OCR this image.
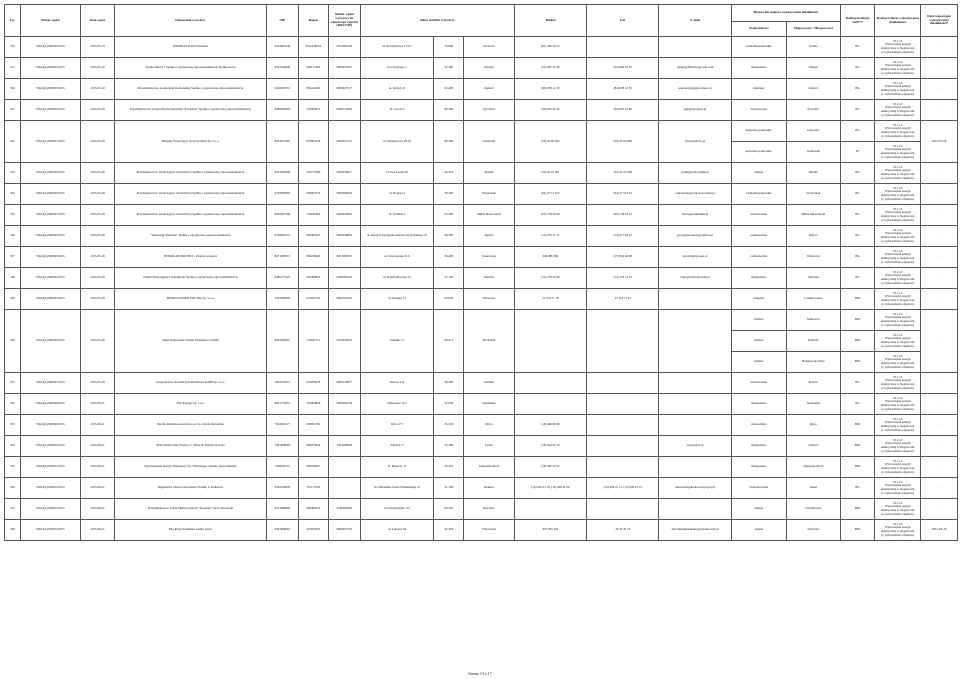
Lp.	Numer wpisu	Data wpisu	Oznaczenie wytwórcy	NIP	Regon	Numer wpisu wytwórcy do właściwego rejestru (KRS/NIP)	Adres siedziby wytwórcy			Telefon	Fax	E-mail	Miejsce lub miejsca wykonywania działalności		Rodzaj instalacji OZE**	Rodzaj i zakres wykonywanej działalności	Data rozpoczęcia wykonywania działalności*
													Województwo	Miejscowość / Miejscowości			
310	WKO(Z)/000030/2015	2015-05-13	ENERKAT Kamil Zarzelski	9522085436	0522438524	9522085436	ul. Przemysłowa 17A/5	70-800	Szczecin	(91) 469 20 03			zachodniopomorskie	Stobno	BG	33.11.Z
Wytwarzanie energii
elektrycznej w biogazowni
(z wyłączeniem odpadów)	-
311	WKO(Z)/000034/2015	2015-05-20	Spółka Dzierż 7 Spółka z ograniczoną odpowiedzialnością Spółka jawna	9591542828	260135462	0000459507	ul. Chrobrego 1	32-400	Olsztyn	(22) 867 45 39	(22) 842 42 56	spółka@firmydrogi.com.com	małopolskie	Olsztyn	BG	33.11.Z
Wytwarzanie energii
elektrycznej w biogazowni
(z wyłączeniem odpadów)	-
320	WKO(Z)/000035/2015	2015-05-20	Przedsiębiorstwo Gospodarki Komunalnej Spółka z ograniczoną odpowiedzialnością	9220005765	950242400	0000047517	ul. Kirzyn 43	22-400	Zamość	(84) 638 12 30	(84) 638 16 50	sekretariat@pgk.zamosc.pl	lubelskie	Zamość	BG	33.11.Z
Wytwarzanie energii
elektrycznej w biogazowni
(z wyłączeniem odpadów)	-
321	WKO(Z)/000036/2015	2015-05-28	Przedsiębiorstwo Gospodarki Komunalnej "Żyrardów" Spółka z ograniczoną odpowiedzialnością	8380009283	750006613	0000113850	ul. Czysta 5	96-300	Żyrardów	(46) 855 40 42	(46) 855 22 80	pgk@zyrardow.pl	mazowieckie	Żyrardów	BG	33.11.Z
Wytwarzanie energii
elektrycznej w biogazowni
(z wyłączeniem odpadów)	-
322	WKO(Z)/000037/2015	2015-05-28	Miejskie Wodociągi i Oczyszczalnia Sp. z o.o.	8762072495	870805639	0000051531	ul. Mickiewicza 20/30	86-300	Grudziądz	(56) 45 00 962	(56) 45 00 906	mwio@mwio.pl	kujawsko-pomorskie	Gdzowiec	BG	33.11.Z
Wytwarzanie energii
elektrycznej w biogazowni
(z wyłączeniem odpadów)	2015-07-08
													kujawsko-pomorskie	Grudziądz	PF	33.11.Z
Wytwarzanie energii
elektrycznej w biogazowni
(z wyłączeniem odpadów)	

323	WKO(Z)/000039/2015	2015-05-28	Przedsiębiorstwo Wodociągów i Kanalizacji Spółka z ograniczoną odpowiedzialnością	6421664990	276773380	0000034617	ul. Pod Lasem 62	44-210	Rybnik	(32) 42 23 401	(32) 42 23 438	pwik@pwik-rybnik.pl	śląskie	Rybnik	BG	33.11.Z
Wytwarzanie energii
elektrycznej w biogazowni
(z wyłączeniem odpadów)	-
324	WKO(Z)/000040/2015	2015-05-28	Przedsiębiorstwo Wodociągów i Kanalizacji Spółka z ograniczoną odpowiedzialnością	6730008083	330062374	0000098432	ul. Bogusa 3	78-400	Szczecinek	(94) 37 12 322	(94) 37 523 32	sekretariat@pwik.szczecinek.pl	zachodniopomorskie	Szczecinek	BG	33.11.Z
Wytwarzanie energii
elektrycznej w biogazowni
(z wyłączeniem odpadów)	-
325	WKO(Z)/000041/2015	2015-05-28	Przedsiębiorstwo Wodociągów i Kanalizacji Spółka z ograniczoną odpowiedzialnością	8220005789	710031864	0000042802	ul. Trembia 4	05-300	Mińsk Mazowiecki	(25) 758 58 60	(25) 758 67 52	biuro@pwikminsk.pl	mazowieckie	Mińsk Mazowiecki	BG	33.11.Z
Wytwarzanie energii
elektrycznej w biogazowni
(z wyłączeniem odpadów)	-
326	WKO(Z)/000042/2015	2015-05-28	"Wodociągi Rybickie" Spółka z ograniczoną odpowiedzialnością	8720004272	830409163	0000048895	ul. Księdza Kardynała Stefana Wyszyńskiego 25	39-200	Dębica	(14) 670 51 71	(14) 677 64 27	poczta@wodociagi.debica.pl	podkarpackie	Dębica	BG	33.11.Z
Wytwarzanie energii
elektrycznej w biogazowni
(z wyłączeniem odpadów)	-
327	WKO(Z)/000043/2015	2015-05-28	INTROLAB PROJEKT - Pandas Grzegorz	8471089372	000230620	8471089372	ul. Warszawska 51A	39-400	Tarnobrzeg	604 986 286	(15) 822 64 98	introlab@bg.onet.pl	podkarpackie	Wadowice	BG	33.11.Z
Wytwarzanie energii
elektrycznej w biogazowni
(z wyłączeniem odpadów)	-
328	WKO(Z)/000044/2015	2015-05-28	Zakład Wodociągów i Kanalizacji Spółka z ograniczoną odpowiedzialnością	9482177422	320480853	0000296116	ul. Radziwiłłowska 31	32-100	Skawina	(12) 276 22 89	(12) 276 12 76	biuro@zwik.skawina.pl	małopolskie	Skawina	BG	33.11.Z
Wytwarzanie energii
elektrycznej w biogazowni
(z wyłączeniem odpadów)	-
329	WKO(Z)/000045/2015	2015-05-28	MERKO POWER POLSKA Sp. z o.o.	5262686684	014947523	0000165047	ul. Pulaska 73	00-856	Warszawa	22 314 71 18	22 314 71 01		lubuskie	Lesusin Górne	BIO	33.11.Z
Wytwarzanie energii
elektrycznej w biogazowni
(z wyłączeniem odpadów)	-
330	WKO(Z)/000046/2015	2015-05-28	Maki Elektrownie Wodne Wożniakow-Chełki	8361606601	752041751	0522056953	Zabełkie 17	99-417	Boćnichm				łódzkie	Sułkowice	BIO	33.11.Z
Wytwarzanie energii
elektrycznej w biogazowni
(z wyłączeniem odpadów)	-
													łódzkie	Karnicin	BIO	33.11.Z
Wytwarzanie energii
elektrycznej w biogazowni
(z wyłączeniem odpadów)	

													łódzkie	Bolimowska Wieś	BIO	33.11.Z
Wytwarzanie energii
elektrycznej w biogazowni
(z wyłączeniem odpadów)	

331	WKO(Z)/000047/2015	2015-05-28	Gospodarstwo Produkcyjno-Handlowe RABP Sp. z o.o.	7961625021	672058278	0000129877	Prusów 11a	26-200	Jedlińsk				mazowieckie	Prusów	BG	33.11.Z
Wytwarzanie energii
elektrycznej w biogazowni
(z wyłączeniem odpadów)	-
332	WKO(Z)/000048/2015	2015-06-01	Zibo Energia Sp. z o.o.	6821776561	323600830	0000294736	Ożarowice 16 c	32-058	Skomielna				małopolskie	Skomielna	BG	33.11.Z
Wytwarzanie energii
elektrycznej w biogazowni
(z wyłączeniem odpadów)	-
333	WKO(Z)/000049/2015	2015-06-01	Parafia Rzymsko-katolicka p.w. św. Józefa Robotnika	7361006177	000951762		Rytro 271	33-343	Rytro	(18) 446 90 06			małopolskie	Rytro	BIO	33.11.Z
Wytwarzanie energii
elektrycznej w biogazowni
(z wyłączeniem odpadów)	-
334	WKO(Z)/000050/2015	2015-06-01	Mała Elektrownia Wodna s.c. Barut & Tadeusz Kasieja	7361698083	490074044	7361698083	Zabrzeż 17	33-389	Łącko	(18) 444 65 19		zaqws@o2.pl	małopolskie	Zabrzeż	BIO	33.11.Z
Wytwarzanie energii
elektrycznej w biogazowni
(z wyłączeniem odpadów)	-
335	WKO(Z)/000051/2015	2015-06-01	Zgromadzenie Księży Misjonarzy Św. Wincentego a Paulo, Dom Zakonny	7360932701	040036857		ul. Płaszczy 12	34-402	Zakopane-Olcza	(18) 202 20 02			małopolskie	Zakopane-Olcza	BIO	33.11.Z
Wytwarzanie energii
elektrycznej w biogazowni
(z wyłączeniem odpadów)	-
336	WKO(Z)/000052/2015	2015-06-01	Regionalny Zarząd Gospodarki Wodnej w Krakowie	6762329876	357113763		ul. Marszałka Józefa Piłsudskiego 22	31-109	Kraków	(12) 628 41 18, (12) 628 41 06	(12) 628 41 51, (12) 628 41 53	sekretariat@krakow.rzgw.gov.pl	świętokrzyskie	Jasień	BG	33.11.Z
Wytwarzanie energii
elektrycznej w biogazowni
(z wyłączeniem odpadów)	-
337	WKO(Z)/000053/2015	2015-06-01	Przedsiębiorstwo Usług Melioracyjnych "Kosobud" Jerzy Tarnowski	6751889064	000460532	6340068464	ul. Kurlandyjska 3/5	80-561	Katowice				śląskie	Chodziowice	BIO	33.11.Z
Wytwarzanie energii
elektrycznej w biogazowni
(z wyłączeniem odpadów)	-
338	WKO(Z)/000054/2015	2015-06-01	Eko-Przyś Kamińska spółka jawna	6301896016	242832095	0000407592	ul. Łąkowa 46	45-393	Włocławek	603 905 445	32 32 45 33	marcinkaminskielko@yandsei.com.pl	śląskie	Żędowice	BIO	33.11.Z
Wytwarzanie energii
elektrycznej w biogazowni
(z wyłączeniem odpadów)	2015-05-26
Strona 13 z 17
